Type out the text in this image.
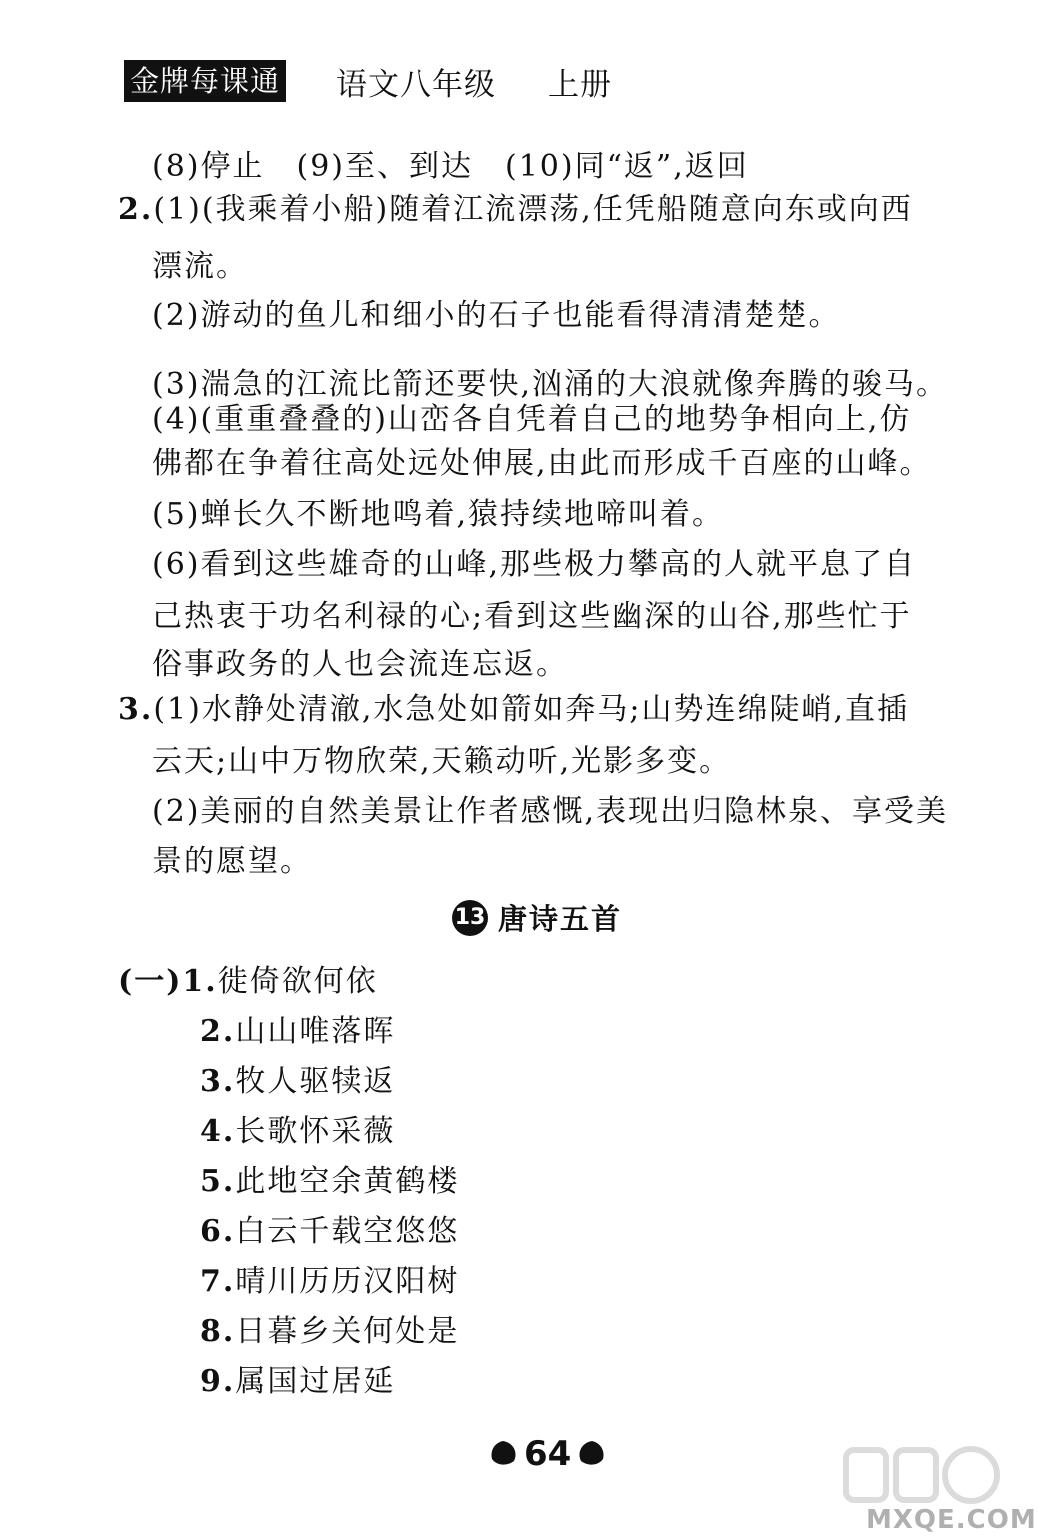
金牌每课通 语文八年级 上册
(8)停止　(9)至、到达　(10)同“返”,返回
2.(1)(我乘着小船)随着江流漂荡,任凭船随意向东或向西
漂流。
(2)游动的鱼儿和细小的石子也能看得清清楚楚。
(3)湍急的江流比箭还要快,汹涌的大浪就像奔腾的骏马。
(4)(重重叠叠的)山峦各自凭着自己的地势争相向上,仿
佛都在争着往高处远处伸展,由此而形成千百座的山峰。
(5)蝉长久不断地鸣着,猿持续地啼叫着。
(6)看到这些雄奇的山峰,那些极力攀高的人就平息了自
己热衷于功名利禄的心;看到这些幽深的山谷,那些忙于
俗事政务的人也会流连忘返。
3.(1)水静处清澈,水急处如箭如奔马;山势连绵陡峭,直插
云天;山中万物欣荣,天籁动听,光影多变。
(2)美丽的自然美景让作者感慨,表现出归隐林泉、享受美
景的愿望。
13 唐诗五首
(一)1.徙倚欲何依
2.山山唯落晖
3.牧人驱犊返
4.长歌怀采薇
5.此地空余黄鹤楼
6.白云千载空悠悠
7.晴川历历汉阳树
8.日暮乡关何处是
9.属国过居延
64
MXQE.COM
